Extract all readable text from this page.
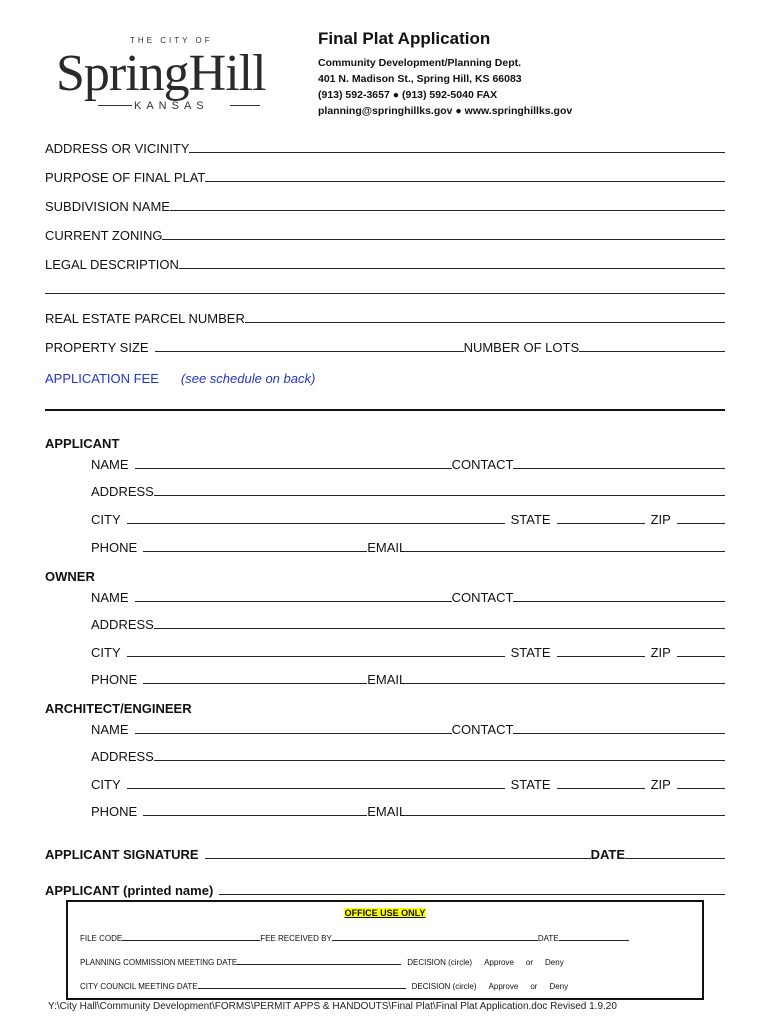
THE CITY OF
SpringHill
KANSAS
Final Plat Application
Community Development/Planning Dept.
401 N. Madison St., Spring Hill, KS 66083
(913) 592-3657 ● (913) 592-5040 FAX
planning@springhillks.gov ● www.springhillks.gov
ADDRESS OR VICINITY
PURPOSE OF FINAL PLAT
SUBDIVISION NAME
CURRENT ZONING
LEGAL DESCRIPTION
REAL ESTATE PARCEL NUMBER
PROPERTY SIZE	NUMBER OF LOTS
APPLICATION FEE (see schedule on back)
APPLICANT
NAME	CONTACT
ADDRESS
CITY	STATE	ZIP
PHONE	EMAIL
OWNER
NAME	CONTACT
ADDRESS
CITY	STATE	ZIP
PHONE	EMAIL
ARCHITECT/ENGINEER
NAME	CONTACT
ADDRESS
CITY	STATE	ZIP
PHONE	EMAIL
APPLICANT SIGNATURE	DATE
APPLICANT (printed name)
OFFICE USE ONLY
FILE CODE	FEE RECEIVED BY	DATE
PLANNING COMMISSION MEETING DATE	DECISION (circle) Approve or Deny
CITY COUNCIL MEETING DATE	DECISION (circle) Approve or Deny
Y:\City Hall\Community Development\FORMS\PERMIT APPS & HANDOUTS\Final Plat\Final Plat Application.doc Revised 1.9.20
